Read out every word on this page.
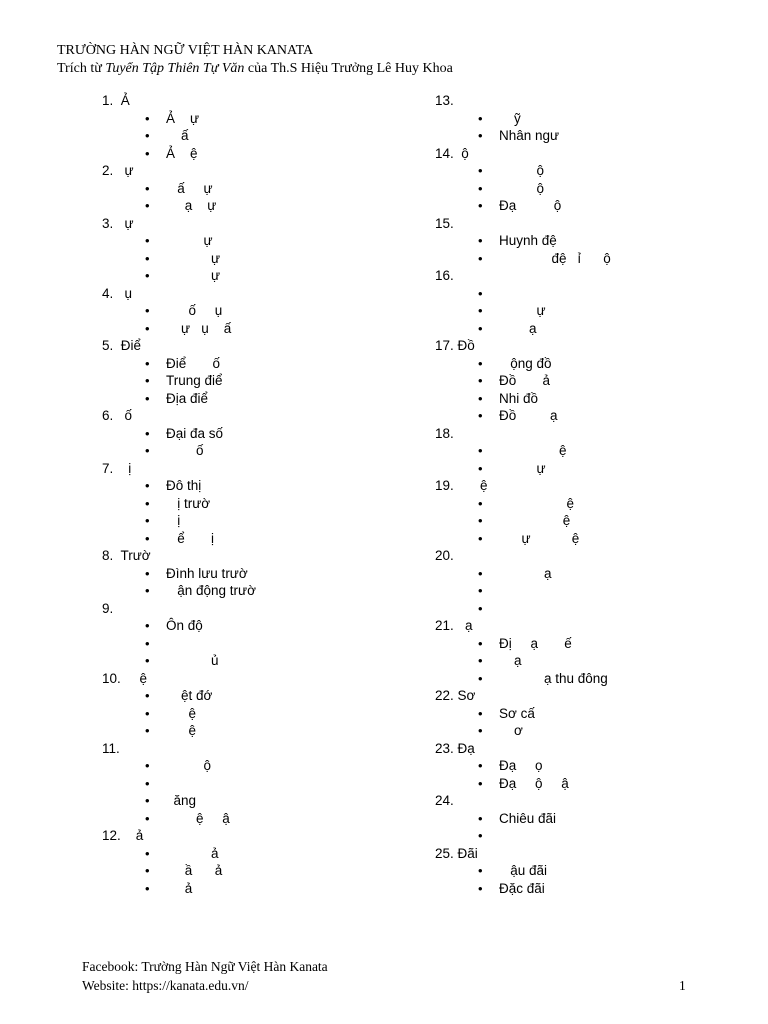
TRƯỜNG HÀN NGỮ VIỆT HÀN KANATA
Trích từ Tuyển Tập Thiên Tự Văn của Th.S Hiệu Trưởng Lê Huy Khoa
1.  Ả
• Ả    ự
• ấ
• Ả    ệ
2.   ự
• ấ     ự
• ạ    ự
3.   ự
• ự
• ự
• ự
4.   ụ
• ố     ụ
• ự   ụ    ấ
5.  Điể
• Điể       ố
• Trung điể
• Địa điể
6.   ố
• Đại đa số
• ố
7.    ị
• Đô thị
• ị trườ
• ị
• ể       ị
8.  Trườ
• Đình lưu trườ
• ận động trườ
9.
• Ôn độ
•
• ủ
10.     ệ
• ệt đớ
• ệ
• ệ
11.
• ộ
•
• ăng
• ệ     ậ
12.    ả
• ả
• ầ      ả
• ả
13.
• ỹ
• Nhân ngư
14.  ộ
• ộ
• ộ
• Đạ          ộ
15.
• Huynh đệ
• đệ   ỉ      ộ
16.
•
• ự
• ạ
17. Đồ
• ộng đồ
• Đồ       ả
• Nhi đồ
• Đồ         ạ
18.
• ệ
• ự
19.       ệ
• ệ
• ệ
• ự           ệ
20.
• ạ
•
•
21.   ạ
• Đị     ạ       ế
• ạ
• ạ thu đông
22. Sơ
• Sơ cấ
• ơ
23. Đạ
• Đạ     ọ
• Đạ     ộ     ậ
24.
• Chiêu đãi
•
25. Đãi
• ậu đãi
• Đặc đãi
Facebook: Trường Hàn Ngữ Việt Hàn Kanata
Website: https://kanata.edu.vn/	1
